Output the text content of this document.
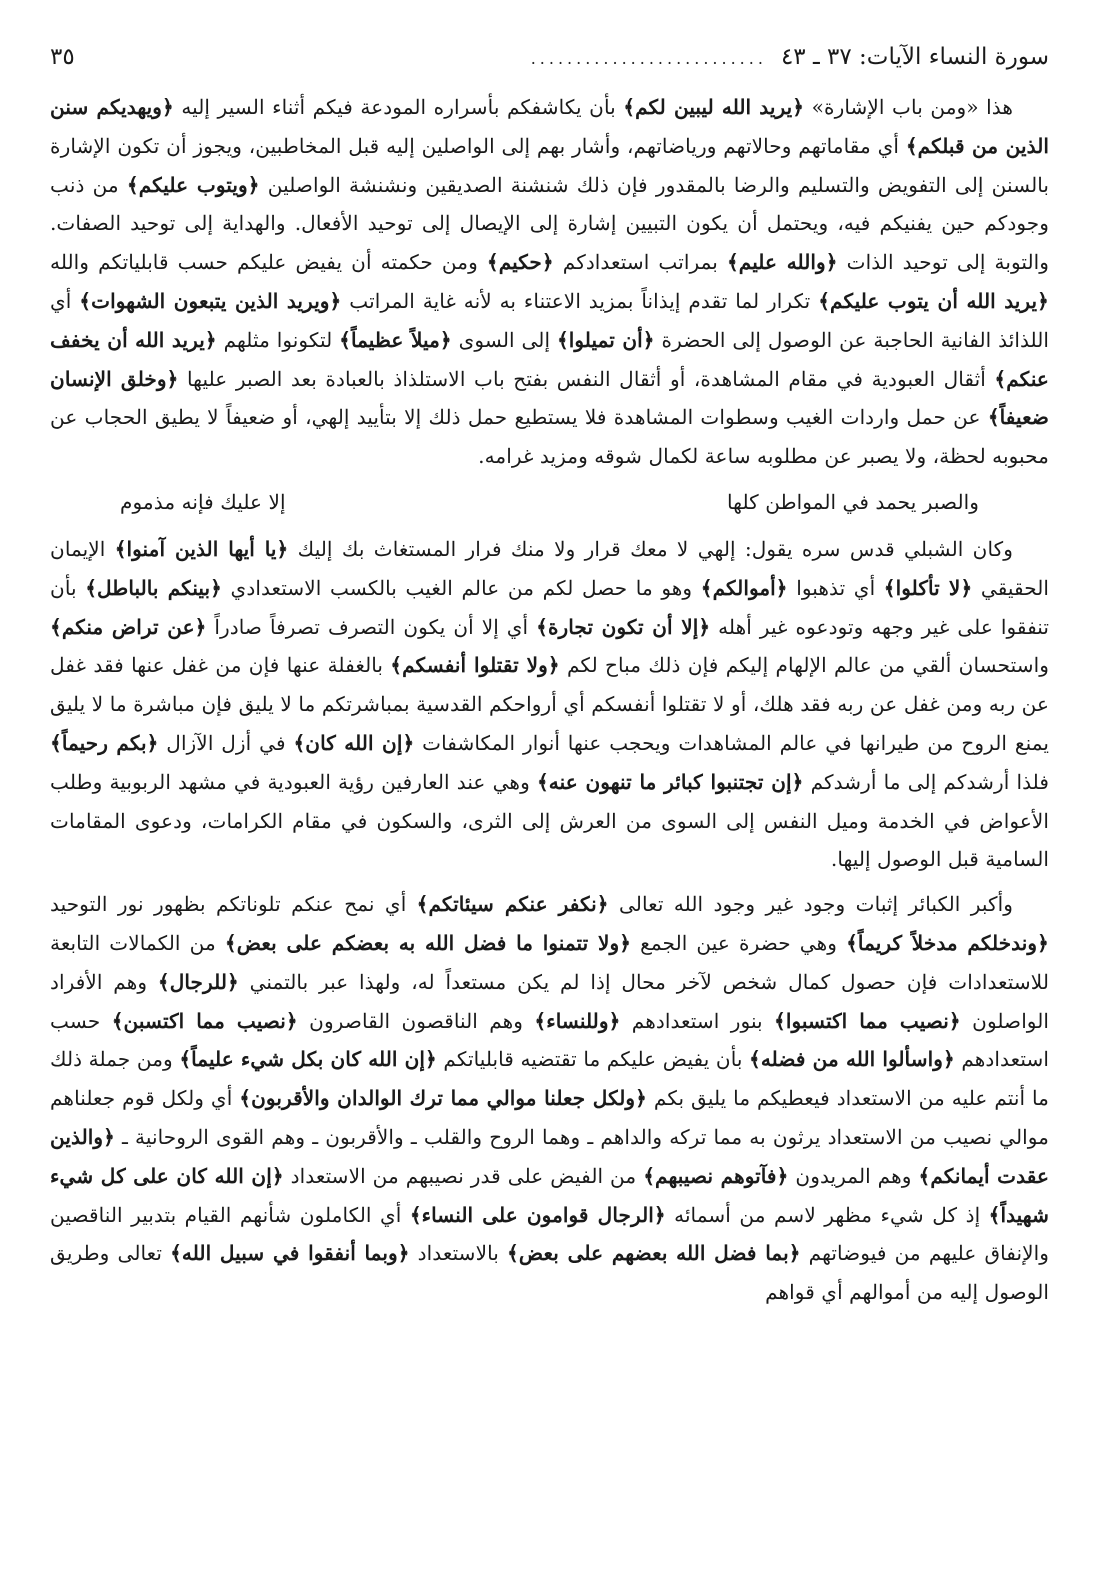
سورة النساء الآيات: ٣٧ ـ ٤٣
..........................
٣٥

هذا «ومن باب الإشارة» ﴿يريد الله ليبين لكم﴾ بأن يكاشفكم بأسراره المودعة فيكم أثناء السير إليه ﴿ويهديكم سنن الذين من قبلكم﴾ أي مقاماتهم وحالاتهم ورياضاتهم، وأشار بهم إلى الواصلين إليه قبل المخاطبين، ويجوز أن تكون الإشارة بالسنن إلى التفويض والتسليم والرضا بالمقدور فإن ذلك شنشنة الصديقين ونشنشة الواصلين ﴿ويتوب عليكم﴾ من ذنب وجودكم حين يفنيكم فيه، ويحتمل أن يكون التبيين إشارة إلى الإيصال إلى توحيد الأفعال. والهداية إلى توحيد الصفات. والتوبة إلى توحيد الذات ﴿والله عليم﴾ بمراتب استعدادكم ﴿حكيم﴾ ومن حكمته أن يفيض عليكم حسب قابلياتكم والله ﴿يريد الله أن يتوب عليكم﴾ تكرار لما تقدم إيذاناً بمزيد الاعتناء به لأنه غاية المراتب ﴿ويريد الذين يتبعون الشهوات﴾ أي اللذائذ الفانية الحاجبة عن الوصول إلى الحضرة ﴿أن تميلوا﴾ إلى السوى ﴿ميلاً عظيماً﴾ لتكونوا مثلهم ﴿يريد الله أن يخفف عنكم﴾ أثقال العبودية في مقام المشاهدة، أو أثقال النفس بفتح باب الاستلذاذ بالعبادة بعد الصبر عليها ﴿وخلق الإنسان ضعيفاً﴾ عن حمل واردات الغيب وسطوات المشاهدة فلا يستطيع حمل ذلك إلا بتأييد إلهي، أو ضعيفاً لا يطيق الحجاب عن محبوبه لحظة، ولا يصبر عن مطلوبه ساعة لكمال شوقه ومزيد غرامه.

والصبر يحمد في المواطن كلها
إلا عليك فإنه مذموم

وكان الشبلي قدس سره يقول: إلهي لا معك قرار ولا منك فرار المستغاث بك إليك ﴿يا أيها الذين آمنوا﴾ الإيمان الحقيقي ﴿لا تأكلوا﴾ أي تذهبوا ﴿أموالكم﴾ وهو ما حصل لكم من عالم الغيب بالكسب الاستعدادي ﴿بينكم بالباطل﴾ بأن تنفقوا على غير وجهه وتودعوه غير أهله ﴿إلا أن تكون تجارة﴾ أي إلا أن يكون التصرف تصرفاً صادراً ﴿عن تراض منكم﴾ واستحسان ألقي من عالم الإلهام إليكم فإن ذلك مباح لكم ﴿ولا تقتلوا أنفسكم﴾ بالغفلة عنها فإن من غفل عنها فقد غفل عن ربه ومن غفل عن ربه فقد هلك، أو لا تقتلوا أنفسكم أي أرواحكم القدسية بمباشرتكم ما لا يليق فإن مباشرة ما لا يليق يمنع الروح من طيرانها في عالم المشاهدات ويحجب عنها أنوار المكاشفات ﴿إن الله كان﴾ في أزل الآزال ﴿بكم رحيماً﴾ فلذا أرشدكم إلى ما أرشدكم ﴿إن تجتنبوا كبائر ما تنهون عنه﴾ وهي عند العارفين رؤية العبودية في مشهد الربوبية وطلب الأعواض في الخدمة وميل النفس إلى السوى من العرش إلى الثرى، والسكون في مقام الكرامات، ودعوى المقامات السامية قبل الوصول إليها.

وأكبر الكبائر إثبات وجود غير وجود الله تعالى ﴿نكفر عنكم سيئاتكم﴾ أي نمح عنكم تلوناتكم بظهور نور التوحيد ﴿وندخلكم مدخلاً كريماً﴾ وهي حضرة عين الجمع ﴿ولا تتمنوا ما فضل الله به بعضكم على بعض﴾ من الكمالات التابعة للاستعدادات فإن حصول كمال شخص لآخر محال إذا لم يكن مستعداً له، ولهذا عبر بالتمني ﴿للرجال﴾ وهم الأفراد الواصلون ﴿نصيب مما اكتسبوا﴾ بنور استعدادهم ﴿وللنساء﴾ وهم الناقصون القاصرون ﴿نصيب مما اكتسبن﴾ حسب استعدادهم ﴿واسألوا الله من فضله﴾ بأن يفيض عليكم ما تقتضيه قابلياتكم ﴿إن الله كان بكل شيء عليماً﴾ ومن جملة ذلك ما أنتم عليه من الاستعداد فيعطيكم ما يليق بكم ﴿ولكل جعلنا موالي مما ترك الوالدان والأقربون﴾ أي ولكل قوم جعلناهم موالي نصيب من الاستعداد يرثون به مما تركه والداهم ـ وهما الروح والقلب ـ والأقربون ـ وهم القوى الروحانية ـ ﴿والذين عقدت أيمانكم﴾ وهم المريدون ﴿فآتوهم نصيبهم﴾ من الفيض على قدر نصيبهم من الاستعداد ﴿إن الله كان على كل شيء شهيداً﴾ إذ كل شيء مظهر لاسم من أسمائه ﴿الرجال قوامون على النساء﴾ أي الكاملون شأنهم القيام بتدبير الناقصين والإنفاق عليهم من فيوضاتهم ﴿بما فضل الله بعضهم على بعض﴾ بالاستعداد ﴿وبما أنفقوا في سبيل الله﴾ تعالى وطريق الوصول إليه من أموالهم أي قواهم
